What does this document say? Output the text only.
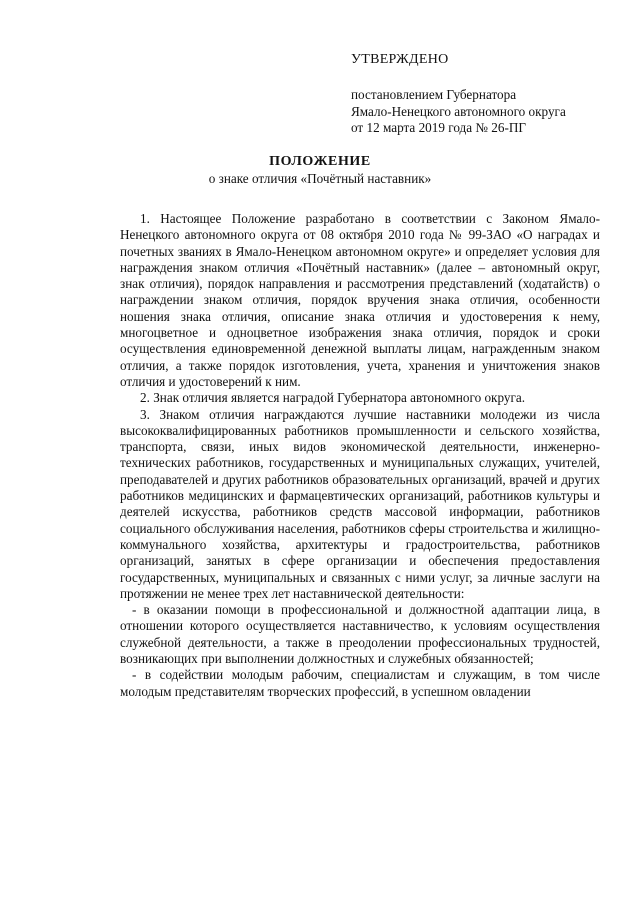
УТВЕРЖДЕНО
постановлением Губернатора
Ямало-Ненецкого автономного округа
от 12 марта 2019 года № 26-ПГ
ПОЛОЖЕНИЕ
о знаке отличия «Почётный наставник»

1. Настоящее Положение разработано в соответствии с Законом Ямало-Ненецкого автономного округа от 08 октября 2010 года № 99-ЗАО «О наградах и почетных званиях в Ямало-Ненецком автономном округе» и определяет условия для награждения знаком отличия «Почётный наставник» (далее – автономный округ, знак отличия), порядок направления и рассмотрения представлений (ходатайств) о награждении знаком отличия, порядок вручения знака отличия, особенности ношения знака отличия, описание знака отличия и удостоверения к нему, многоцветное и одноцветное изображения знака отличия, порядок и сроки осуществления единовременной денежной выплаты лицам, награжденным знаком отличия, а также порядок изготовления, учета, хранения и уничтожения знаков отличия и удостоверений к ним.

2. Знак отличия является наградой Губернатора автономного округа.

3. Знаком отличия награждаются лучшие наставники молодежи из числа высококвалифицированных работников промышленности и сельского хозяйства, транспорта, связи, иных видов экономической деятельности, инженерно-технических работников, государственных и муниципальных служащих, учителей, преподавателей и других работников образовательных организаций, врачей и других работников медицинских и фармацевтических организаций, работников культуры и деятелей искусства, работников средств массовой информации, работников социального обслуживания населения, работников сферы строительства и жилищно-коммунального хозяйства, архитектуры и градостроительства, работников организаций, занятых в сфере организации и обеспечения предоставления государственных, муниципальных и связанных с ними услуг, за личные заслуги на протяжении не менее трех лет наставнической деятельности:

- в оказании помощи в профессиональной и должностной адаптации лица, в отношении которого осуществляется наставничество, к условиям осуществления служебной деятельности, а также в преодолении профессиональных трудностей, возникающих при выполнении должностных и служебных обязанностей;

- в содействии молодым рабочим, специалистам и служащим, в том числе молодым представителям творческих профессий, в успешном овладении
